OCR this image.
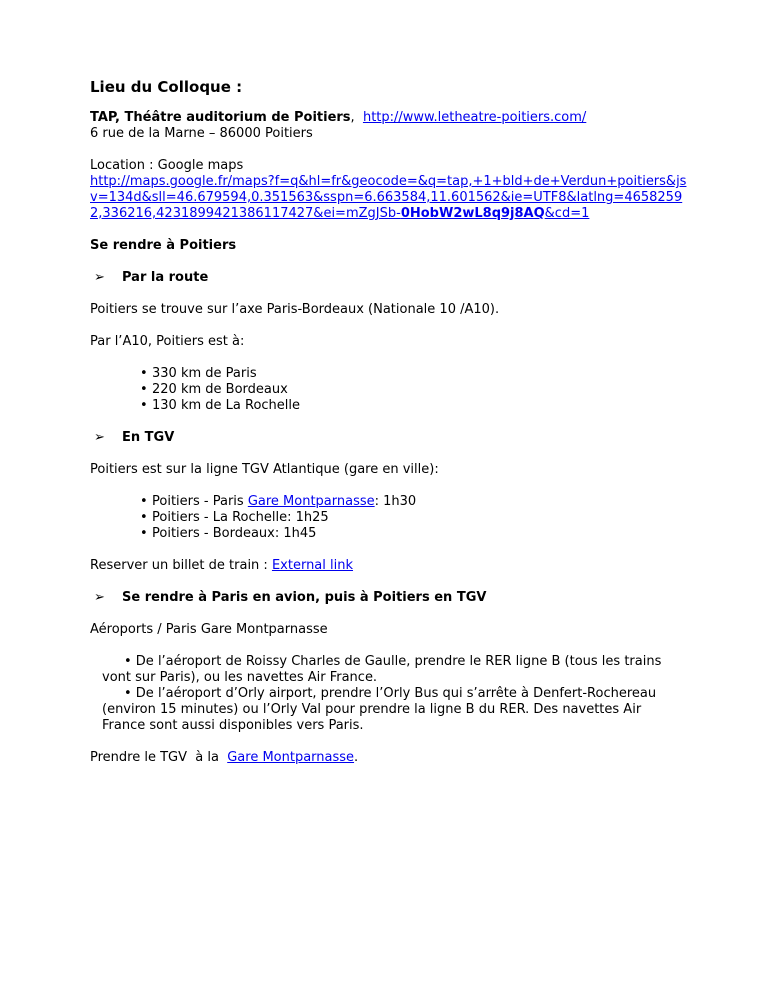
Lieu du Colloque :

TAP, Théâtre auditorium de Poitiers, http://www.letheatre-poitiers.com/

6 rue de la Marne – 86000 Poitiers

Location : Google maps

http://maps.google.fr/maps?f=q&hl=fr&geocode=&q=tap,+1+bld+de+Verdun+poitiers&jsv=134d&sll=46.679594,0.351563&sspn=6.663584,11.601562&ie=UTF8&latlng=46582592,336216,4231899421386117427&ei=mZgJSb-0HobW2wL8q9j8AQ&cd=1

Se rendre à Poitiers

➢ Par la route

Poitiers se trouve sur l’axe Paris-Bordeaux (Nationale 10 /A10).

Par l’A10, Poitiers est à:

• 330 km de Paris
• 220 km de Bordeaux
• 130 km de La Rochelle

➢ En TGV

Poitiers est sur la ligne TGV Atlantique (gare en ville):

• Poitiers - Paris Gare Montparnasse: 1h30
• Poitiers - La Rochelle: 1h25
• Poitiers - Bordeaux: 1h45

Reserver un billet de train : External link

➢ Se rendre à Paris en avion, puis à Poitiers en TGV

Aéroports / Paris Gare Montparnasse

• De l’aéroport de Roissy Charles de Gaulle, prendre le RER ligne B (tous les trains vont sur Paris), ou les navettes Air France.

• De l’aéroport d’Orly airport, prendre l’Orly Bus qui s’arrête à Denfert-Rochereau (environ 15 minutes) ou l’Orly Val pour prendre la ligne B du RER. Des navettes Air France sont aussi disponibles vers Paris.

Prendre le TGV  à la  Gare Montparnasse.
